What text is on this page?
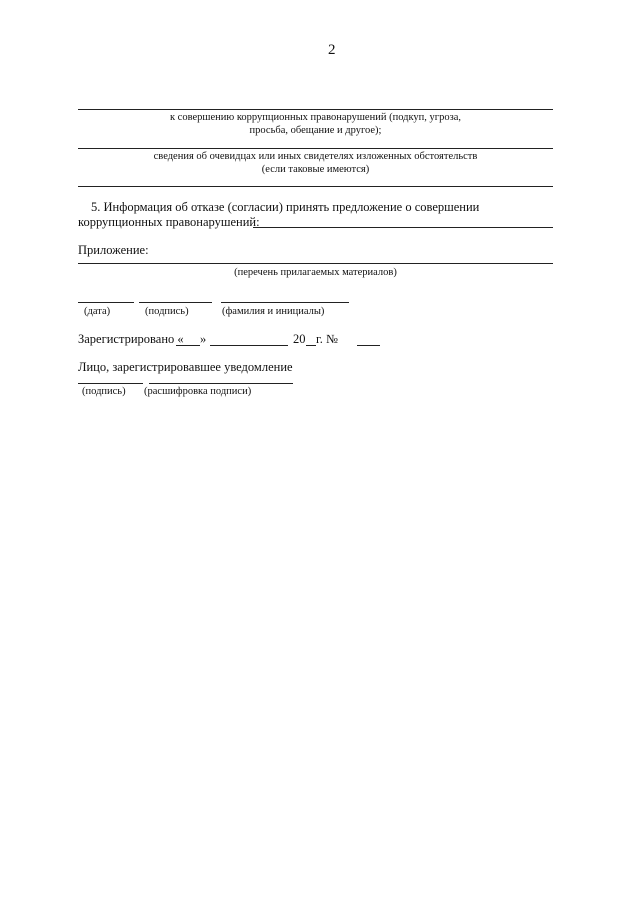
2
к совершению коррупционных правонарушений (подкуп, угроза,
просьба, обещание и другое);
сведения об очевидцах или иных свидетелях изложенных обстоятельств
(если таковые имеются)
5. Информация об отказе (согласии) принять предложение о совершении
коррупционных правонарушений:
Приложение:
(перечень прилагаемых материалов)
(дата)	(подпись)	(фамилия и инициалы)
Зарегистрировано « »	20 г. №
Лицо, зарегистрировавшее уведомление
(подпись) (расшифровка подписи)
